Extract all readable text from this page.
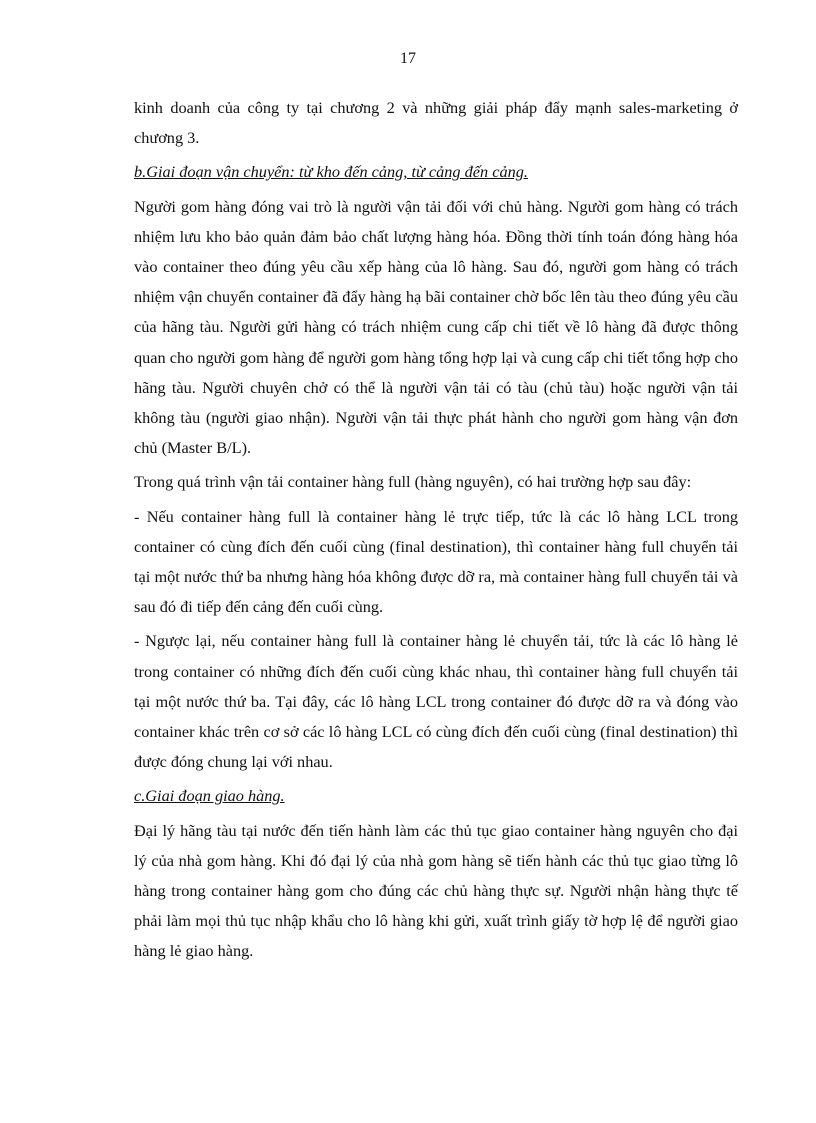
17

kinh doanh của công ty tại chương 2 và những giải pháp đẩy mạnh sales-marketing ở chương 3.

b.Giai đoạn vận chuyển: từ kho đến cảng, từ cảng đến cảng.

Người gom hàng đóng vai trò là người vận tải đối với chủ hàng. Người gom hàng có trách nhiệm lưu kho bảo quản đảm bảo chất lượng hàng hóa. Đồng thời tính toán đóng hàng hóa vào container theo đúng yêu cầu xếp hàng của lô hàng. Sau đó, người gom hàng có trách nhiệm vận chuyển container đã đẩy hàng hạ bãi container chờ bốc lên tàu theo đúng yêu cầu của hãng tàu. Người gửi hàng có trách nhiệm cung cấp chi tiết về lô hàng đã được thông quan cho người gom hàng để người gom hàng tổng hợp lại và cung cấp chi tiết tổng hợp cho hãng tàu. Người chuyên chở có thể là người vận tải có tàu (chủ tàu) hoặc người vận tải không tàu (người giao nhận). Người vận tải thực phát hành cho người gom hàng vận đơn chủ (Master B/L).

Trong quá trình vận tải container hàng full (hàng nguyên), có hai trường hợp sau đây:

- Nếu container hàng full là container hàng lẻ trực tiếp, tức là các lô hàng LCL trong container có cùng đích đến cuối cùng (final destination), thì container hàng full chuyển tải tại một nước thứ ba nhưng hàng hóa không được dỡ ra, mà container hàng full chuyển tải và sau đó đi tiếp đến cảng đến cuối cùng.

- Ngược lại, nếu container hàng full là container hàng lẻ chuyển tải, tức là các lô hàng lẻ trong container có những đích đến cuối cùng khác nhau, thì container hàng full chuyển tải tại một nước thứ ba. Tại đây, các lô hàng LCL trong container đó được dỡ ra và đóng vào container khác trên cơ sở các lô hàng LCL có cùng đích đến cuối cùng (final destination) thì được đóng chung lại với nhau.

c.Giai đoạn giao hàng.

Đại lý hãng tàu tại nước đến tiến hành làm các thủ tục giao container hàng nguyên cho đại lý của nhà gom hàng. Khi đó đại lý của nhà gom hàng sẽ tiến hành các thủ tục giao từng lô hàng trong container hàng gom cho đúng các chủ hàng thực sự. Người nhận hàng thực tế phải làm mọi thủ tục nhập khẩu cho lô hàng khi gửi, xuất trình giấy tờ hợp lệ để người giao hàng lẻ giao hàng.
